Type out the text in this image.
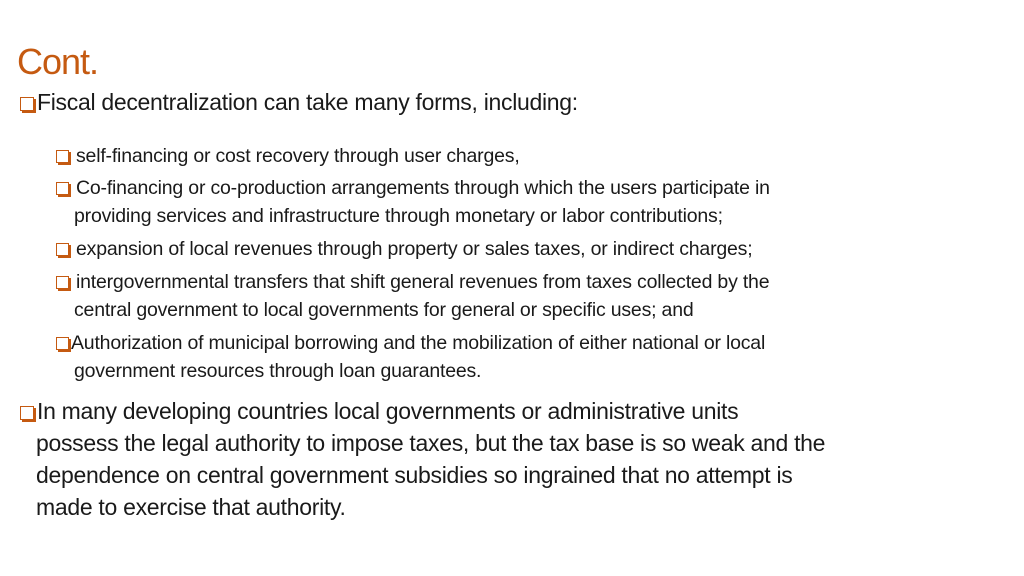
Cont.
Fiscal decentralization can take many forms, including:
self-financing or cost recovery through user charges,
Co-financing or co-production arrangements through which the users participate in
providing services and infrastructure through monetary or labor contributions;
expansion of local revenues through property or sales taxes, or indirect charges;
intergovernmental transfers that shift general revenues from taxes collected by the
central government to local governments for general or specific uses; and
Authorization of municipal borrowing and the mobilization of either national or local
government resources through loan guarantees.
In many developing countries local governments or administrative units
possess the legal authority to impose taxes, but the tax base is so weak and the
dependence on central government subsidies so ingrained that no attempt is
made to exercise that authority.
